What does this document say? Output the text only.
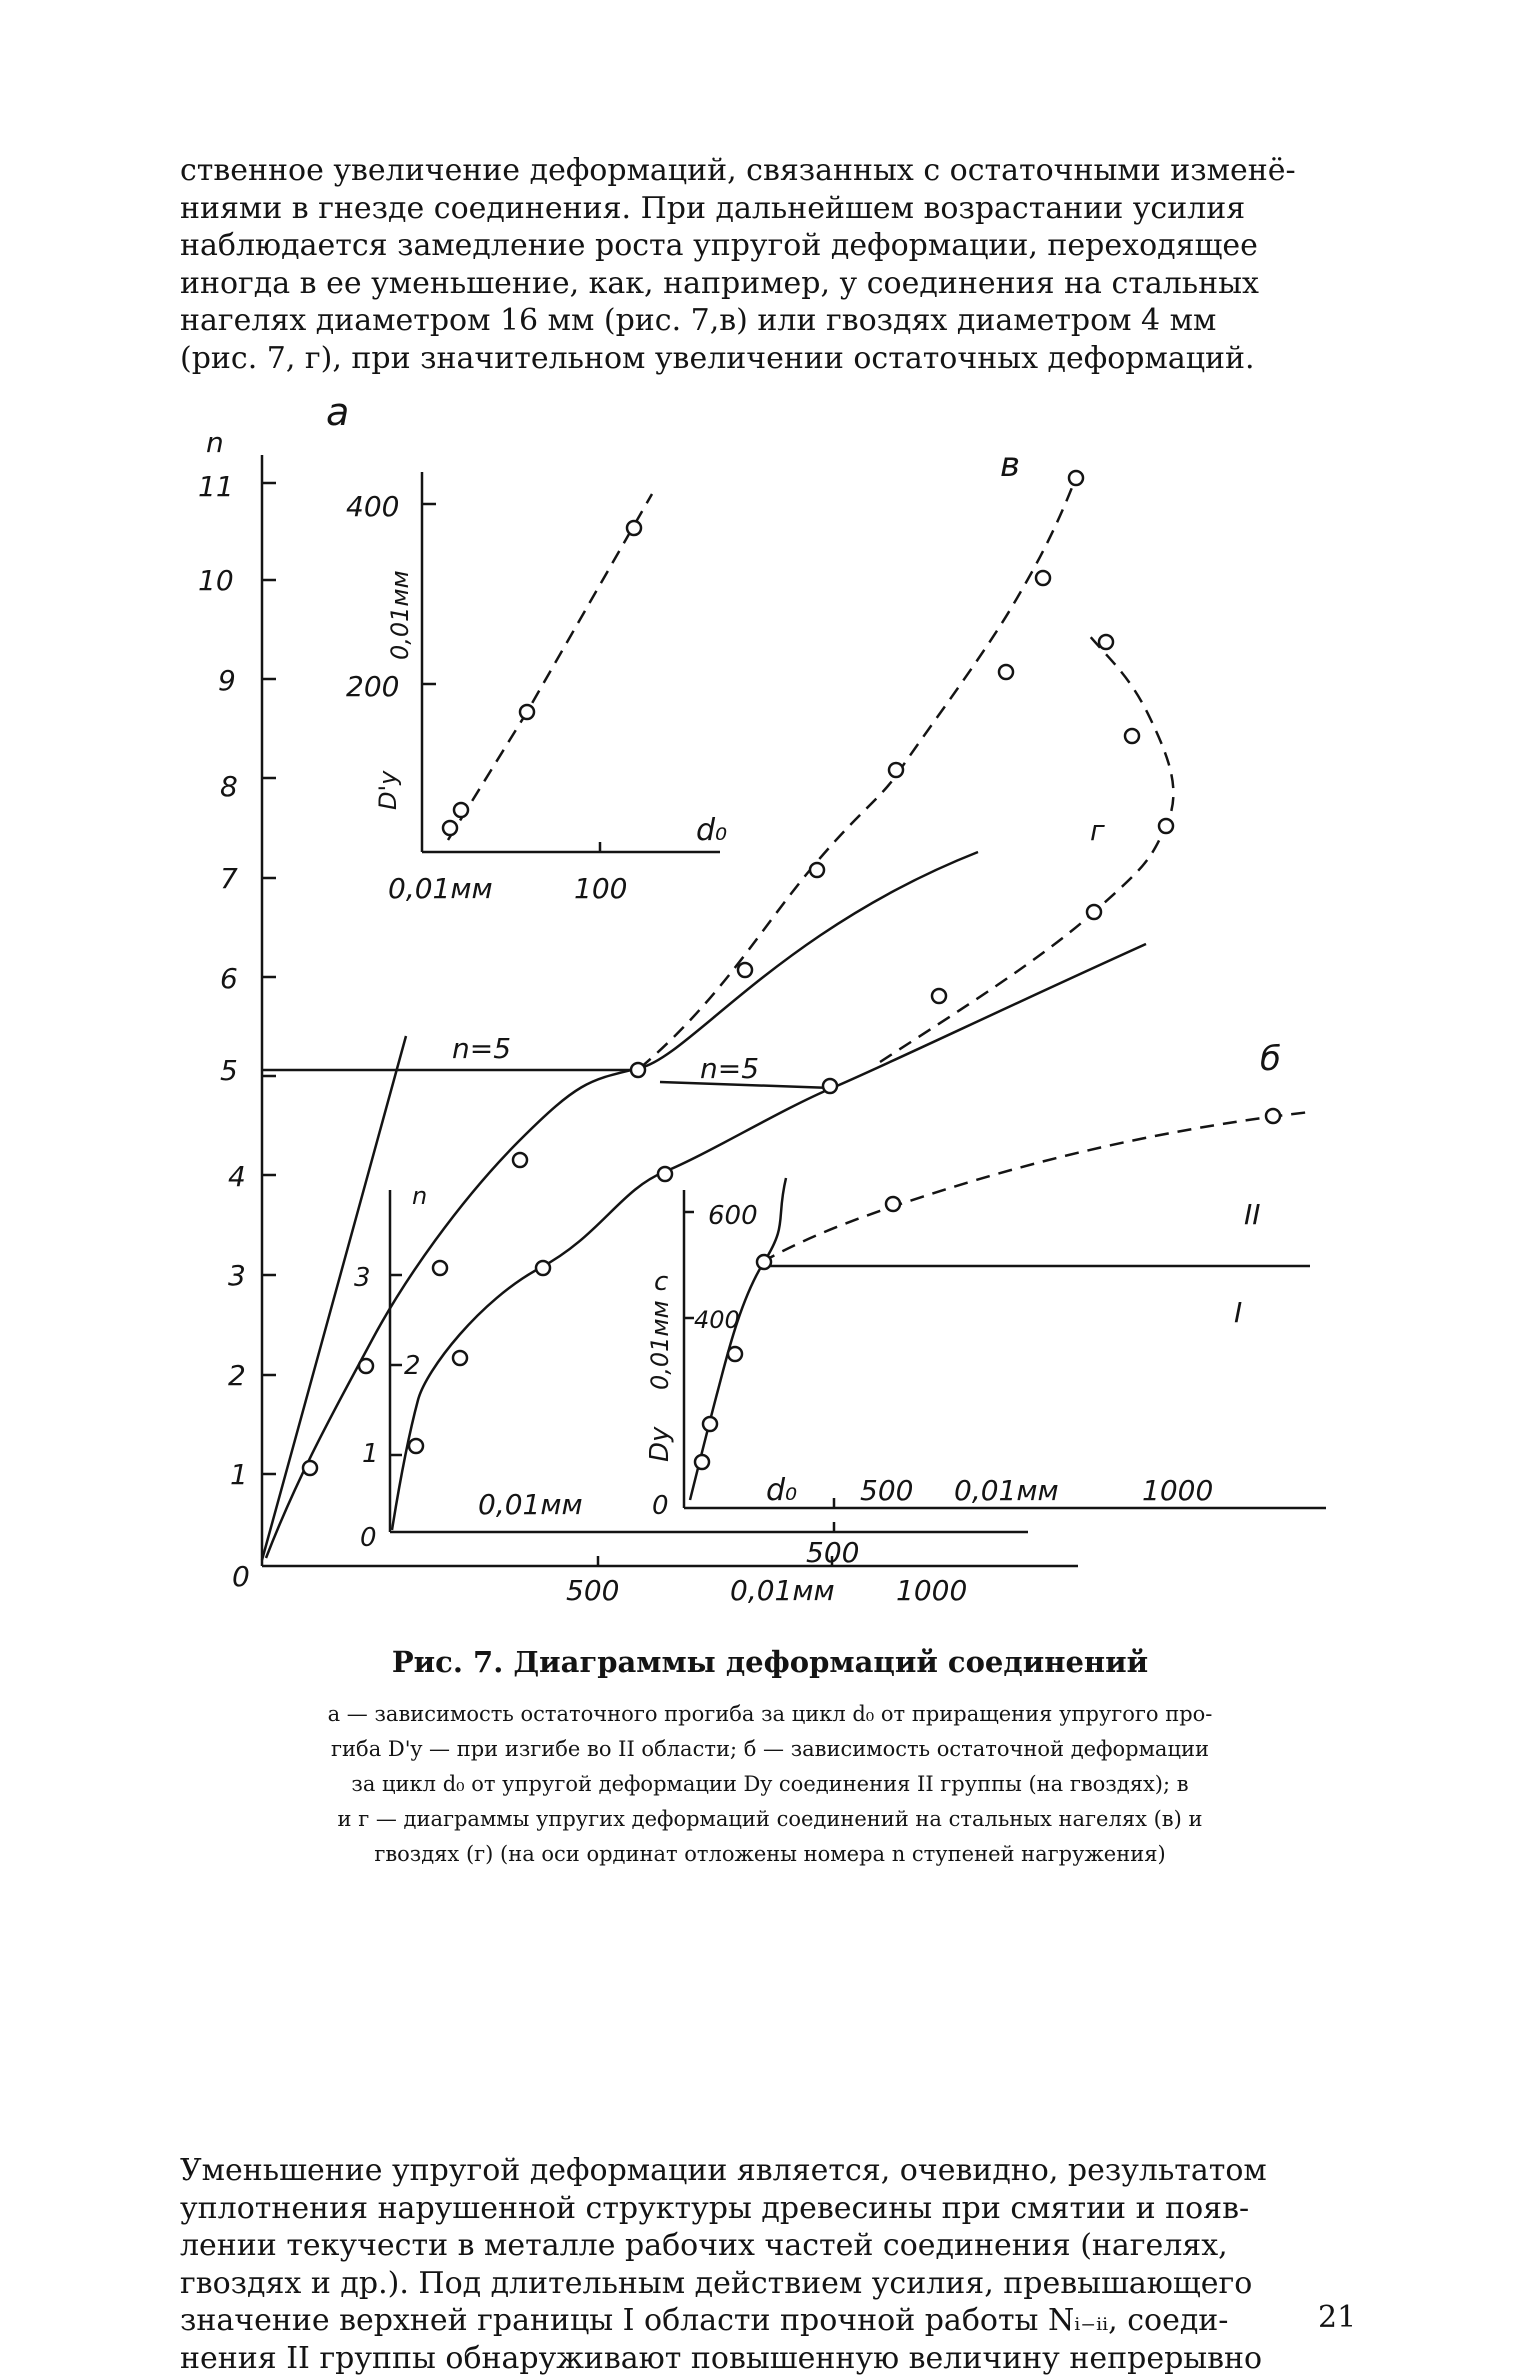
ственное увеличение деформаций, связанных с остаточными изменё-
ниями в гнезде соединения. При дальнейшем возрастании усилия
наблюдается замедление роста упругой деформации, переходящее
иногда в ее уменьшение, как, например, у соединения на стальных
нагелях диаметром 16 мм (рис. 7,в) или гвоздях диаметром 4 мм
(рис. 7, г), при значительном увеличении остаточных деформаций.
а
n
0
1
2
3
4
5
6
7
8
9
10
11
500	0,01мм 1000
в
г
б
n=5
n=5
II
I
400
200
0,01мм
D'y
d₀
0,01мм	100
n
3
2
1
0
0,01мм	0
500
600
400
c
0,01мм
Dy
d₀ 500 0,01мм	1000
Рис. 7. Диаграммы деформаций соединений
а — зависимость остаточного прогиба за цикл d₀ от приращения упругого про-
гиба D'y — при изгибе во II области; б — зависимость остаточной деформации
за цикл d₀ от упругой деформации Dy соединения II группы (на гвоздях); в
и г — диаграммы упругих деформаций соединений на стальных нагелях (в) и
гвоздях (г) (на оси ординат отложены номера n ступеней нагружения)
Уменьшение упругой деформации является, очевидно, результатом
уплотнения нарушенной структуры древесины при смятии и появ-
лении текучести в металле рабочих частей соединения (нагелях,
гвоздях и др.). Под длительным действием усилия, превышающего
значение верхней границы I области прочной работы Nᵢ₋ᵢᵢ, соеди-
нения II группы обнаруживают повышенную величину непрерывно
21
